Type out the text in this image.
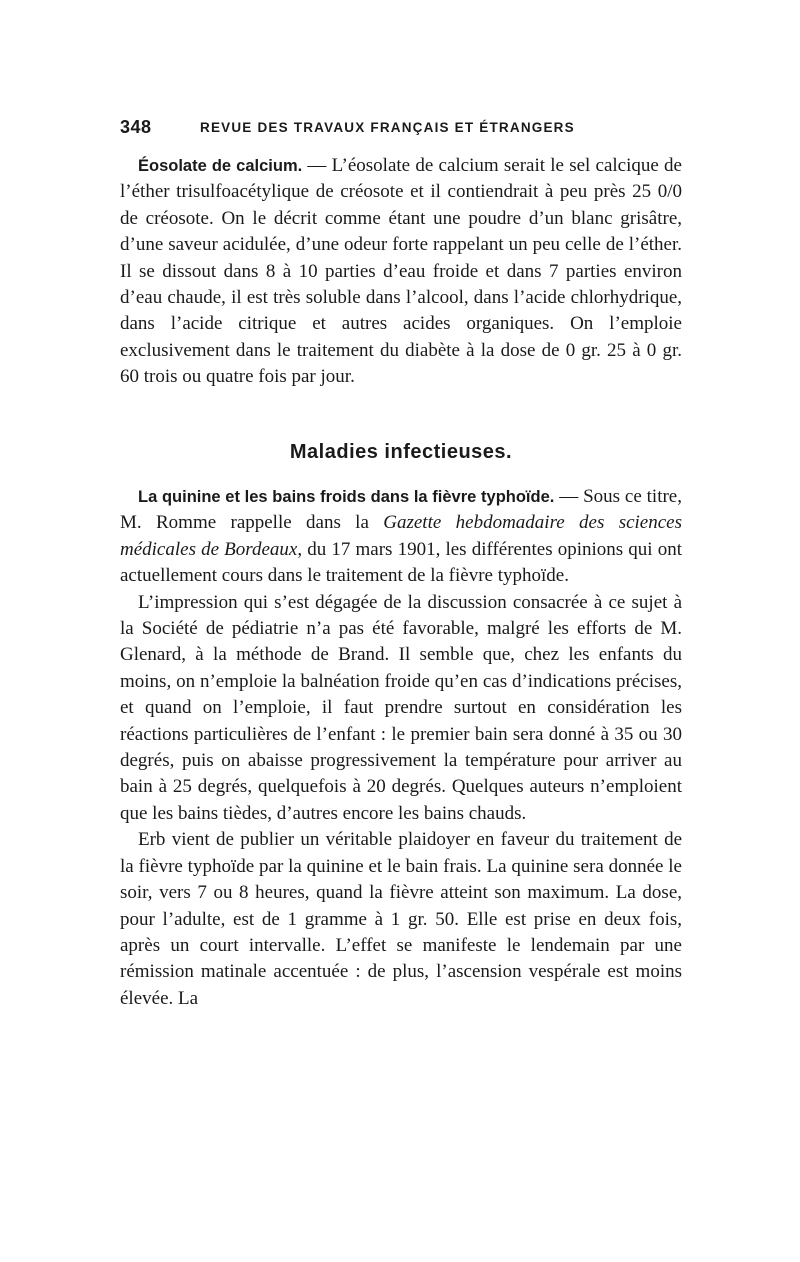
348	REVUE DES TRAVAUX FRANÇAIS ET ÉTRANGERS

Éosolate de calcium. — L’éosolate de calcium serait le sel calcique de l’éther trisulfoacétylique de créosote et il contiendrait à peu près 25 0/0 de créosote. On le décrit comme étant une poudre d’un blanc grisâtre, d’une saveur acidulée, d’une odeur forte rappelant un peu celle de l’éther. Il se dissout dans 8 à 10 parties d’eau froide et dans 7 parties environ d’eau chaude, il est très soluble dans l’alcool, dans l’acide chlorhydrique, dans l’acide citrique et autres acides organiques. On l’emploie exclusivement dans le traitement du diabète à la dose de 0 gr. 25 à 0 gr. 60 trois ou quatre fois par jour.

Maladies infectieuses.

La quinine et les bains froids dans la fièvre typhoïde. — Sous ce titre, M. Romme rappelle dans la Gazette hebdomadaire des sciences médicales de Bordeaux, du 17 mars 1901, les différentes opinions qui ont actuellement cours dans le traitement de la fièvre typhoïde.

L’impression qui s’est dégagée de la discussion consacrée à ce sujet à la Société de pédiatrie n’a pas été favorable, malgré les efforts de M. Glenard, à la méthode de Brand. Il semble que, chez les enfants du moins, on n’emploie la balnéation froide qu’en cas d’indications précises, et quand on l’emploie, il faut prendre surtout en considération les réactions particulières de l’enfant : le premier bain sera donné à 35 ou 30 degrés, puis on abaisse progressivement la température pour arriver au bain à 25 degrés, quelquefois à 20 degrés. Quelques auteurs n’emploient que les bains tièdes, d’autres encore les bains chauds.

Erb vient de publier un véritable plaidoyer en faveur du traitement de la fièvre typhoïde par la quinine et le bain frais. La quinine sera donnée le soir, vers 7 ou 8 heures, quand la fièvre atteint son maximum. La dose, pour l’adulte, est de 1 gramme à 1 gr. 50. Elle est prise en deux fois, après un court intervalle. L’effet se manifeste le lendemain par une rémission matinale accentuée : de plus, l’ascension vespérale est moins élevée. La
